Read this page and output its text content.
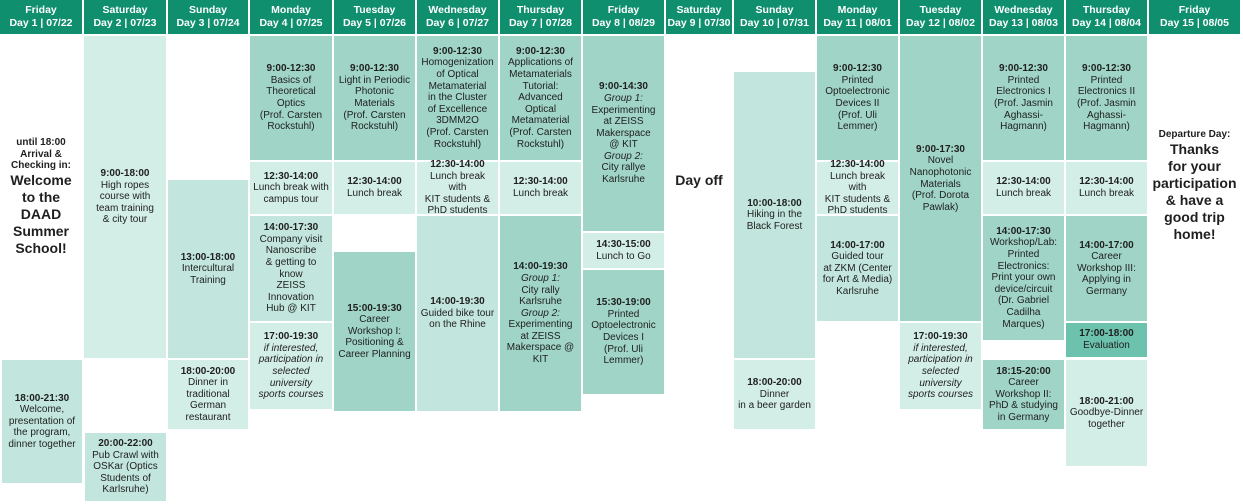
Friday
Day 1 | 07/22
Saturday
Day 2 | 07/23
Sunday
Day 3 | 07/24
Monday
Day 4 | 07/25
Tuesday
Day 5 | 07/26
Wednesday
Day 6 | 07/27
Thursday
Day 7 | 07/28
Friday
Day 8 | 08/29
Saturday
Day 9 | 07/30
Sunday
Day 10 | 07/31
Monday
Day 11 | 08/01
Tuesday
Day 12 | 08/02
Wednesday
Day 13 | 08/03
Thursday
Day 14 | 08/04
Friday
Day 15 | 08/05
until 18:00
Arrival &
Checking in:
Welcome
to the
DAAD
Summer
School!
18:00-21:30
Welcome,
presentation of
the program,
dinner together
9:00-18:00
High ropes
course with
team training
& city tour
20:00-22:00
Pub Crawl with
OSKar (Optics
Students of
Karlsruhe)
13:00-18:00
Intercultural
Training
18:00-20:00
Dinner in
traditional
German
restaurant
9:00-12:30
Basics of
Theoretical
Optics
(Prof. Carsten
Rockstuhl)
12:30-14:00
Lunch break with
campus tour
14:00-17:30
Company visit
Nanoscribe
& getting to
know
ZEISS Innovation
Hub @ KIT
17:00-19:30
if interested,
participation in
selected university
sports courses
9:00-12:30
Light in Periodic
Photonic
Materials
(Prof. Carsten
Rockstuhl)
12:30-14:00
Lunch break
15:00-19:30
Career
Workshop I:
Positioning &
Career Planning
9:00-12:30
Homogenization
of Optical
Metamaterial
in the Cluster
of Excellence
3DMM2O
(Prof. Carsten
Rockstuhl)
12:30-14:00
Lunch break with
KIT students &
PhD students
14:00-19:30
Guided bike tour
on the Rhine
9:00-12:30
Applications of
Metamaterials
Tutorial:
Advanced
Optical
Metamaterial
(Prof. Carsten
Rockstuhl)
12:30-14:00
Lunch break
14:00-19:30
Group 1:
City rally
Karlsruhe
Group 2:
Experimenting
at ZEISS
Makerspace @
KIT
9:00-14:30
Group 1:
Experimenting
at ZEISS
Makerspace
@ KIT
Group 2:
City rallye
Karlsruhe
14:30-15:00
Lunch to Go
15:30-19:00
Printed
Optoelectronic
Devices I
(Prof. Uli
Lemmer)
Day off
10:00-18:00
Hiking in the
Black Forest
18:00-20:00
Dinner
in a beer garden
9:00-12:30
Printed
Optoelectronic
Devices II
(Prof. Uli
Lemmer)
12:30-14:00
Lunch break with
KIT students &
PhD students
14:00-17:00
Guided tour
at ZKM (Center
for Art & Media)
Karlsruhe
9:00-17:30
Novel
Nanophotonic
Materials
(Prof. Dorota
Pawlak)
17:00-19:30
if interested,
participation in
selected university
sports courses
9:00-12:30
Printed
Electronics I
(Prof. Jasmin
Aghassi-
Hagmann)
12:30-14:00
Lunch break
14:00-17:30
Workshop/Lab:
Printed
Electronics:
Print your own
device/circuit
(Dr. Gabriel
Cadilha
Marques)
18:15-20:00
Career
Workshop II:
PhD & studying
in Germany
9:00-12:30
Printed
Electronics II
(Prof. Jasmin
Aghassi-
Hagmann)
12:30-14:00
Lunch break
14:00-17:00
Career
Workshop III:
Applying in
Germany
17:00-18:00
Evaluation
18:00-21:00
Goodbye-Dinner
together
Departure Day:
Thanks
for your
participation
& have a
good trip
home!
